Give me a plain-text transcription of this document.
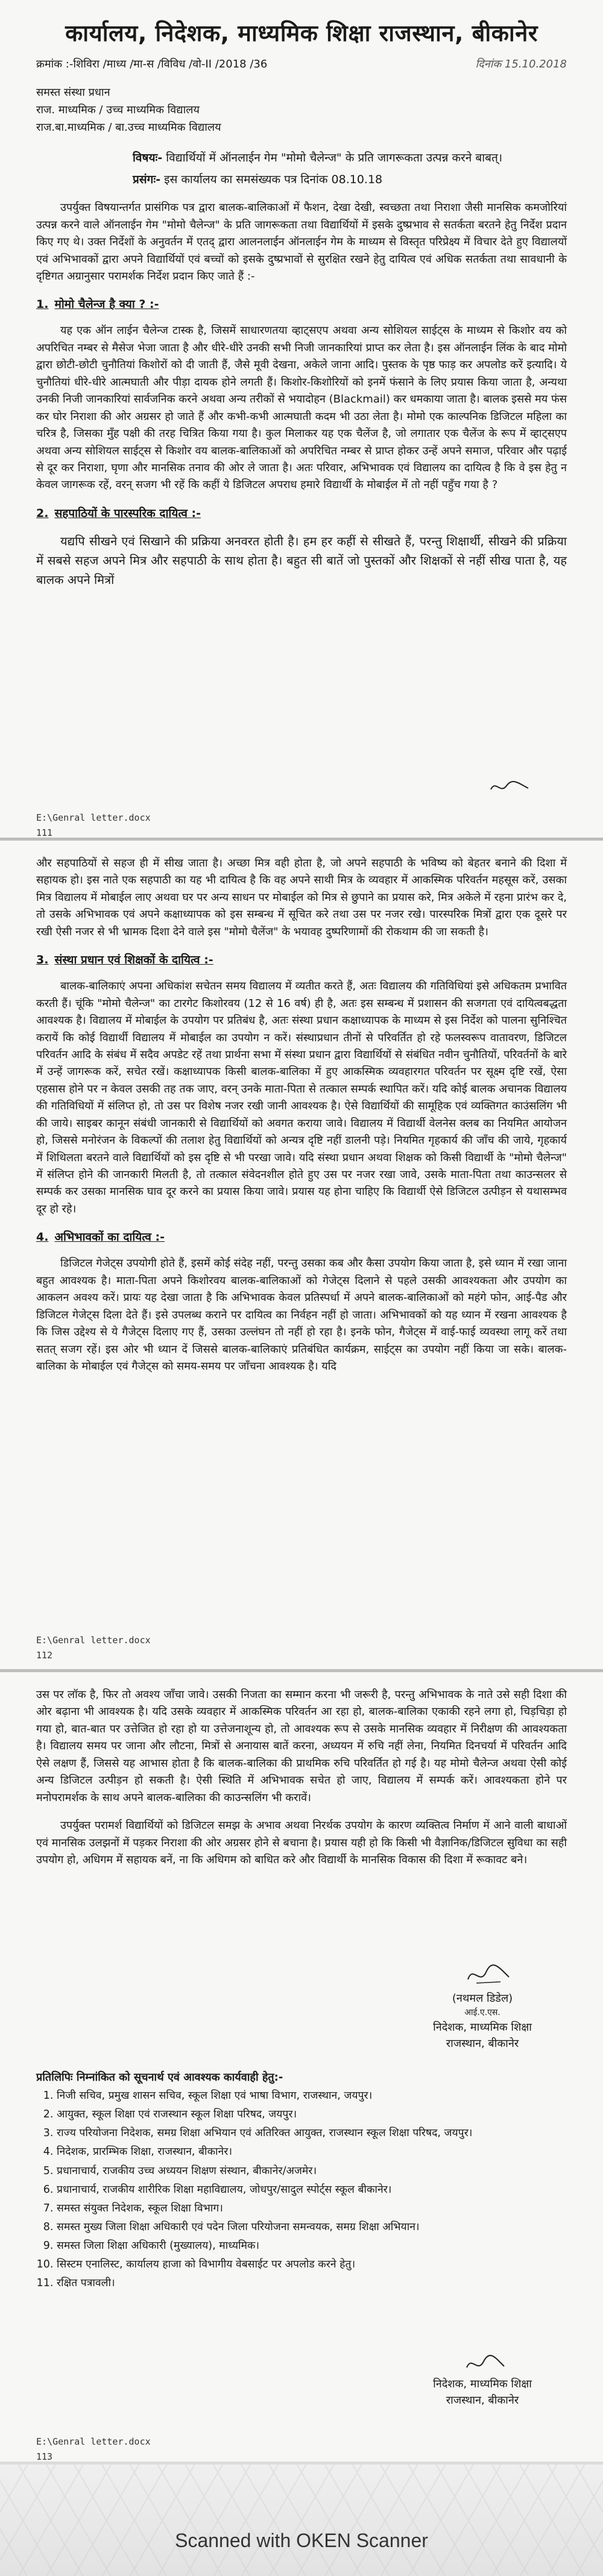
कार्यालय, निदेशक, माध्यमिक शिक्षा राजस्थान, बीकानेर
क्रमांक :-शिविरा /माध्य /मा-स /विविध /वो-II /2018 /36	दिनांक 15.10.2018
समस्त संस्था प्रधान
राज. माध्यमिक / उच्च माध्यमिक विद्यालय
राज.बा.माध्यमिक / बा.उच्च माध्यमिक विद्यालय
विषयः- विद्यार्थियों में ऑनलाईन गेम "मोमो चैलेन्ज" के प्रति जागरूकता उत्पन्न करने बाबत्।
प्रसंगः- इस कार्यालय का समसंख्यक पत्र दिनांक 08.10.18
उपर्युक्त विषयान्तर्गत प्रासंगिक पत्र द्वारा बालक-बालिकाओं में फैशन, देखा देखी, स्वच्छता तथा निराशा जैसी मानसिक कमजोरियां उत्पन्न करने वाले ऑनलाईन गेम "मोमो चैलेन्ज" के प्रति जागरूकता तथा विद्यार्थियों में इसके दुष्प्रभाव से सतर्कता बरतने हेतु निर्देश प्रदान किए गए थे। उक्त निर्देशों के अनुवर्तन में एतद् द्वारा आलनलाईन ऑनलाईन गेम के माध्यम से विस्तृत परिप्रेक्ष्य में विचार देते हुए विद्यालयों एवं अभिभावकों द्वारा अपने विद्यार्थियों एवं बच्चों को इसके दुष्प्रभावों से सुरक्षित रखने हेतु दायित्व एवं अधिक सतर्कता तथा सावधानी के दृष्टिगत अग्रानुसार परामर्शक निर्देश प्रदान किए जाते हैं :-
1. मोमो चैलेन्ज है क्या ? :-
यह एक ऑन लाईन चैलेन्ज टास्क है, जिसमें साधारणतया व्हाट्सएप अथवा अन्य सोशियल साईट्स के माध्यम से किशोर वय को अपरिचित नम्बर से मैसेज भेजा जाता है और धीरे-धीरे उनकी सभी निजी जानकारियां प्राप्त कर लेता है। इस ऑनलाईन लिंक के बाद मोमो द्वारा छोटी-छोटी चुनौतियां किशोरों को दी जाती हैं, जैसे मूवी देखना, अकेले जाना आदि। पुस्तक के पृष्ठ फाड़ कर अपलोड करें इत्यादि। ये चुनौतियां धीरे-धीरे आत्मघाती और पीड़ा दायक होने लगती हैं। किशोर-किशोरियों को इनमें फंसाने के लिए प्रयास किया जाता है, अन्यथा उनकी निजी जानकारियां सार्वजनिक करने अथवा अन्य तरीकों से भयादोहन (Blackmail) कर धमकाया जाता है। बालक इससे मय फंस कर घोर निराशा की ओर अग्रसर हो जाते हैं और कभी-कभी आत्मघाती कदम भी उठा लेता है। मोमो एक काल्पनिक डिजिटल महिला का चरित्र है, जिसका मुँह पक्षी की तरह चित्रित किया गया है। कुल मिलाकर यह एक चैलेंज है, जो लगातार एक चैलेंज के रूप में व्हाट्सएप अथवा अन्य सोशियल साईट्स से किशोर वय बालक-बालिकाओं को अपरिचित नम्बर से प्राप्त होकर उन्हें अपने समाज, परिवार और पढ़ाई से दूर कर निराशा, घृणा और मानसिक तनाव की ओर ले जाता है। अतः परिवार, अभिभावक एवं विद्यालय का दायित्व है कि वे इस हेतु न केवल जागरूक रहें, वरन् सजग भी रहें कि कहीं ये डिजिटल अपराध हमारे विद्यार्थी के मोबाईल में तो नहीं पहुँच गया है ?
2. सहपाठियों के पारस्परिक दायित्व :-
यद्यपि सीखने एवं सिखाने की प्रक्रिया अनवरत होती है। हम हर कहीं से सीखते हैं, परन्तु शिक्षार्थी, सीखने की प्रक्रिया में सबसे सहज अपने मित्र और सहपाठी के साथ होता है। बहुत सी बातें जो पुस्तकों और शिक्षकों से नहीं सीख पाता है, यह बालक अपने मित्रों
E:\Genral letter.docx
111
और सहपाठियों से सहज ही में सीख जाता है। अच्छा मित्र वही होता है, जो अपने सहपाठी के भविष्य को बेहतर बनाने की दिशा में सहायक हो। इस नाते एक सहपाठी का यह भी दायित्व है कि वह अपने साथी मित्र के व्यवहार में आकस्मिक परिवर्तन महसूस करें, उसका मित्र विद्यालय में मोबाईल लाए अथवा घर पर अन्य साधन पर मोबाईल को मित्र से छुपाने का प्रयास करे, मित्र अकेले में रहना प्रारंभ कर दे, तो उसके अभिभावक एवं अपने कक्षाध्यापक को इस सम्बन्ध में सूचित करे तथा उस पर नजर रखे। पारस्परिक मित्रों द्वारा एक दूसरे पर रखी ऐसी नजर से भी भ्रामक दिशा देने वाले इस "मोमो चैलेंज" के भयावह दुष्परिणामों की रोकथाम की जा सकती है।
3. संस्था प्रधान एवं शिक्षकों के दायित्व :-
बालक-बालिकाएं अपना अधिकांश सचेतन समय विद्यालय में व्यतीत करते हैं, अतः विद्यालय की गतिविधियां इसे अधिकतम प्रभावित करती हैं। चूंकि "मोमो चैलेन्ज" का टारगेट किशोरवय (12 से 16 वर्ष) ही है, अतः इस सम्बन्ध में प्रशासन की सजगता एवं दायित्वबद्धता आवश्यक है। विद्यालय में मोबाईल के उपयोग पर प्रतिबंध है, अतः संस्था प्रधान कक्षाध्यापक के माध्यम से इस निर्देश को पालना सुनिश्चित करायें कि कोई विद्यार्थी विद्यालय में मोबाईल का उपयोग न करें। संस्थाप्रधान तीनों से परिवर्तित हो रहे फलस्वरूप वातावरण, डिजिटल परिवर्तन आदि के संबंध में सदैव अपडेट रहें तथा प्रार्थना सभा में संस्था प्रधान द्वारा विद्यार्थियों से संबंधित नवीन चुनौतियों, परिवर्तनों के बारे में उन्हें जागरूक करें, सचेत रखें। कक्षाध्यापक किसी बालक-बालिका में हुए आकस्मिक व्यवहारगत परिवर्तन पर सूक्ष्म दृष्टि रखें, ऐसा एहसास होने पर न केवल उसकी तह तक जाए, वरन् उनके माता-पिता से तत्काल सम्पर्क स्थापित करें। यदि कोई बालक अचानक विद्यालय की गतिविधियों में संलिप्त हो, तो उस पर विशेष नजर रखी जानी आवश्यक है। ऐसे विद्यार्थियों की सामूहिक एवं व्यक्तिगत काउंसलिंग भी की जाये। साइबर कानून संबंधी जानकारी से विद्यार्थियों को अवगत कराया जावे। विद्यालय में विद्यार्थी वेलनेस क्लब का नियमित आयोजन हो, जिससे मनोरंजन के विकल्पों की तलाश हेतु विद्यार्थियों को अन्यत्र दृष्टि नहीं डालनी पड़े। नियमित गृहकार्य की जाँच की जाये, गृहकार्य में शिथिलता बरतने वाले विद्यार्थियों को इस दृष्टि से भी परखा जावे। यदि संस्था प्रधान अथवा शिक्षक को किसी विद्यार्थी के "मोमो चैलेन्ज" में संलिप्त होने की जानकारी मिलती है, तो तत्काल संवेदनशील होते हुए उस पर नजर रखा जावे, उसके माता-पिता तथा काउन्सलर से सम्पर्क कर उसका मानसिक घाव दूर करने का प्रयास किया जावे। प्रयास यह होना चाहिए कि विद्यार्थी ऐसे डिजिटल उत्पीड़न से यथासम्भव दूर हो रहे।
4. अभिभावकों का दायित्व :-
डिजिटल गेजेट्स उपयोगी होते हैं, इसमें कोई संदेह नहीं, परन्तु उसका कब और कैसा उपयोग किया जाता है, इसे ध्यान में रखा जाना बहुत आवश्यक है। माता-पिता अपने किशोरवय बालक-बालिकाओं को गेजेट्स दिलाने से पहले उसकी आवश्यकता और उपयोग का आकलन अवश्य करें। प्रायः यह देखा जाता है कि अभिभावक केवल प्रतिस्पर्धा में अपने बालक-बालिकाओं को महंगे फोन, आई-पैड और डिजिटल गेजेट्स दिला देते हैं। इसे उपलब्ध कराने पर दायित्व का निर्वहन नहीं हो जाता। अभिभावकों को यह ध्यान में रखना आवश्यक है कि जिस उद्देश्य से ये गैजेट्स दिलाए गए हैं, उसका उल्लंघन तो नहीं हो रहा है। इनके फोन, गैजेट्स में वाई-फाई व्यवस्था लागू करें तथा सतत् सजग रहें। इस ओर भी ध्यान दें जिससे बालक-बालिकाएं प्रतिबंधित कार्यक्रम, साईट्स का उपयोग नहीं किया जा सके। बालक-बालिका के मोबाईल एवं गैजेट्स को समय-समय पर जाँचना आवश्यक है। यदि
E:\Genral letter.docx
112
उस पर लॉक है, फिर तो अवश्य जाँचा जावे। उसकी निजता का सम्मान करना भी जरूरी है, परन्तु अभिभावक के नाते उसे सही दिशा की ओर बढ़ाना भी आवश्यक है। यदि उसके व्यवहार में आकस्मिक परिवर्तन आ रहा हो, बालक-बालिका एकाकी रहने लगा हो, चिड़चिड़ा हो गया हो, बात-बात पर उत्तेजित हो रहा हो या उत्तेजनाशून्य हो, तो आवश्यक रूप से उसके मानसिक व्यवहार में निरीक्षण की आवश्यकता है। विद्यालय समय पर जाना और लौटना, मित्रों से अनायास बातें करना, अध्ययन में रुचि नहीं लेना, नियमित दिनचर्या में परिवर्तन आदि ऐसे लक्षण हैं, जिससे यह आभास होता है कि बालक-बालिका की प्राथमिक रुचि परिवर्तित हो गई है। यह मोमो चैलेन्ज अथवा ऐसी कोई अन्य डिजिटल उत्पीड़न हो सकती है। ऐसी स्थिति में अभिभावक सचेत हो जाए, विद्यालय में सम्पर्क करें। आवश्यकता होने पर मनोपरामर्शक के साथ अपने बालक-बालिका की काउन्सलिंग भी करावें।
उपर्युक्त परामर्श विद्यार्थियों को डिजिटल समझ के अभाव अथवा निरर्थक उपयोग के कारण व्यक्तित्व निर्माण में आने वाली बाधाओं एवं मानसिक उलझनों में पड़कर निराशा की ओर अग्रसर होने से बचाना है। प्रयास यही हो कि किसी भी वैज्ञानिक/डिजिटल सुविधा का सही उपयोग हो, अधिगम में सहायक बनें, ना कि अधिगम को बाधित करे और विद्यार्थी के मानसिक विकास की दिशा में रूकावट बने।
(नथमल डिडेल)
आई.ए.एस.
निदेशक, माध्यमिक शिक्षा
राजस्थान, बीकानेर
प्रतिलिपिः निम्नांकित को सूचनार्थ एवं आवश्यक कार्यवाही हेतु:-
1. निजी सचिव, प्रमुख शासन सचिव, स्कूल शिक्षा एवं भाषा विभाग, राजस्थान, जयपुर।
2. आयुक्त, स्कूल शिक्षा एवं राजस्थान स्कूल शिक्षा परिषद, जयपुर।
3. राज्य परियोजना निदेशक, समग्र शिक्षा अभियान एवं अतिरिक्त आयुक्त, राजस्थान स्कूल शिक्षा परिषद, जयपुर।
4. निदेशक, प्रारम्भिक शिक्षा, राजस्थान, बीकानेर।
5. प्रधानाचार्य, राजकीय उच्च अध्ययन शिक्षण संस्थान, बीकानेर/अजमेर।
6. प्रधानाचार्य, राजकीय शारीरिक शिक्षा महाविद्यालय, जोधपुर/सादुल स्पोर्ट्स स्कूल बीकानेर।
7. समस्त संयुक्त निदेशक, स्कूल शिक्षा विभाग।
8. समस्त मुख्य जिला शिक्षा अधिकारी एवं पदेन जिला परियोजना समन्वयक, समग्र शिक्षा अभियान।
9. समस्त जिला शिक्षा अधिकारी (मुख्यालय), माध्यमिक।
10. सिस्टम एनालिस्ट, कार्यालय हाजा को विभागीय वेबसाईट पर अपलोड करने हेतु।
11. रक्षित पत्रावली।
निदेशक, माध्यमिक शिक्षा
राजस्थान, बीकानेर
E:\Genral letter.docx
113
Scanned with OKEN Scanner
